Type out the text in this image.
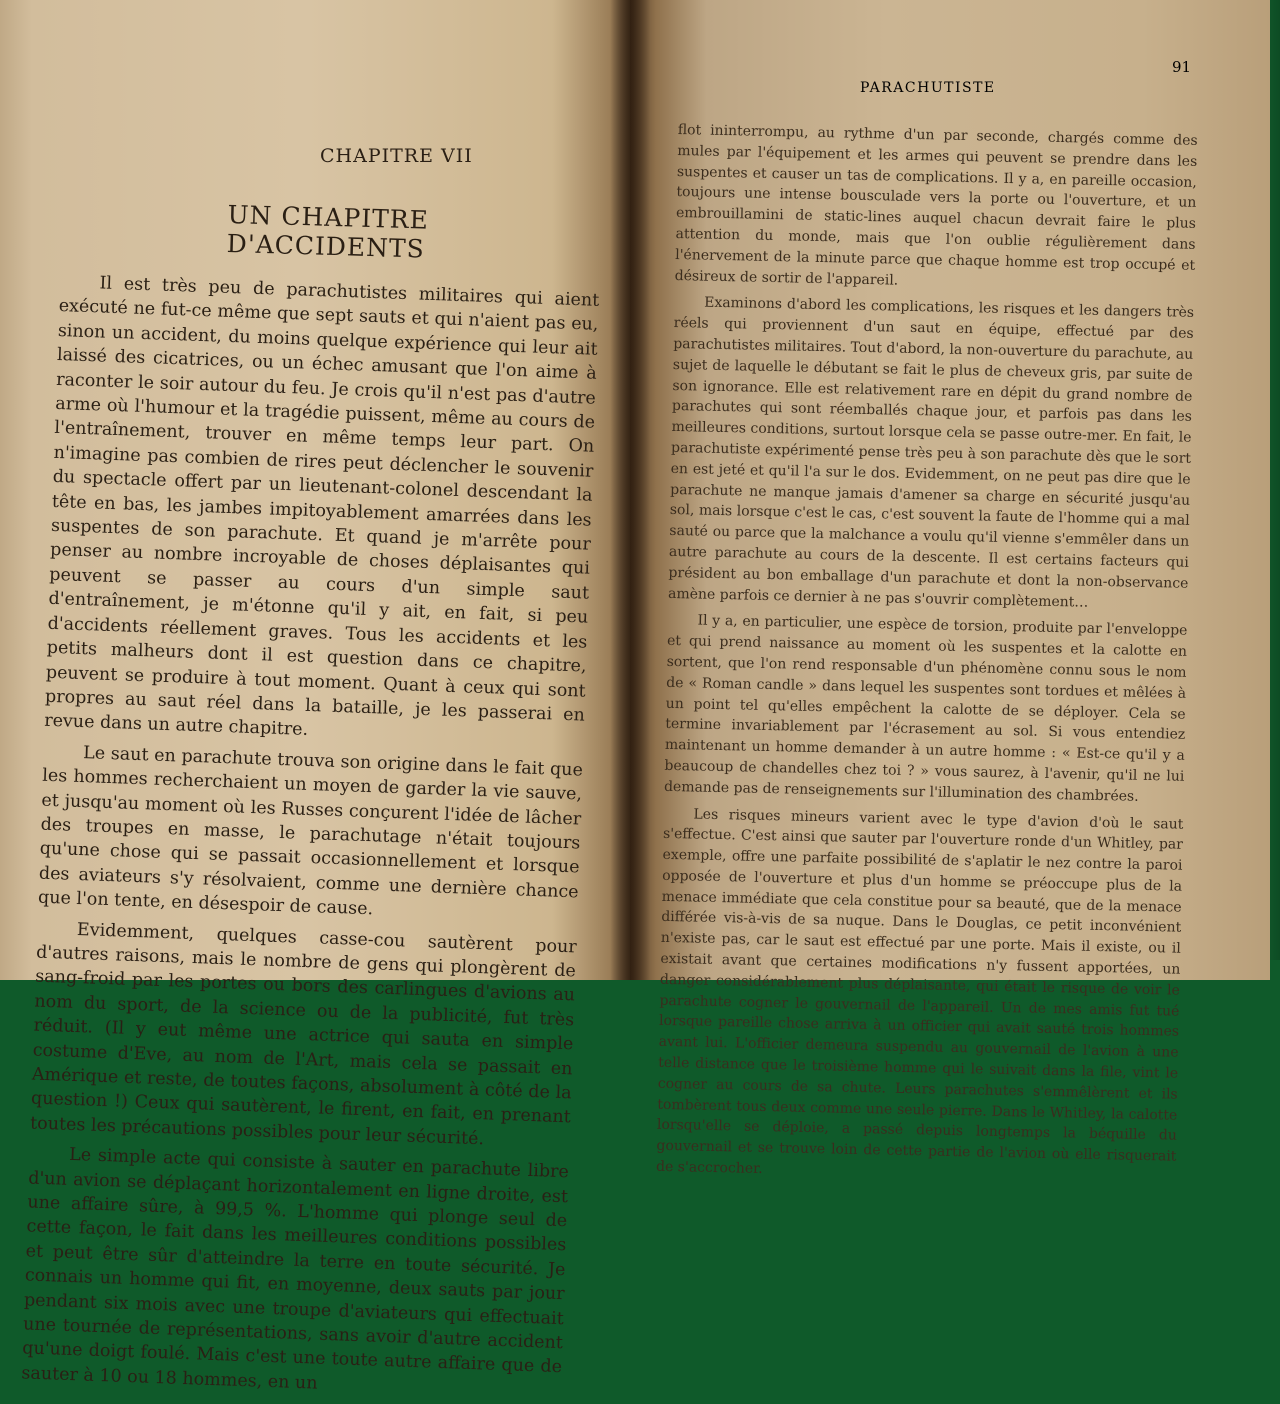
CHAPITRE VII
UN CHAPITRE D'ACCIDENTS

Il est très peu de parachutistes militaires qui aient exécuté ne fut-ce même que sept sauts et qui n'aient pas eu, sinon un accident, du moins quelque expérience qui leur ait laissé des cicatrices, ou un échec amusant que l'on aime à raconter le soir autour du feu. Je crois qu'il n'est pas d'autre arme où l'humour et la tragédie puissent, même au cours de l'entraînement, trouver en même temps leur part. On n'imagine pas combien de rires peut déclencher le souvenir du spectacle offert par un lieutenant-colonel descendant la tête en bas, les jambes impitoyablement amarrées dans les suspentes de son parachute. Et quand je m'arrête pour penser au nombre incroyable de choses déplaisantes qui peuvent se passer au cours d'un simple saut d'entraînement, je m'étonne qu'il y ait, en fait, si peu d'accidents réellement graves. Tous les accidents et les petits malheurs dont il est question dans ce chapitre, peuvent se produire à tout moment. Quant à ceux qui sont propres au saut réel dans la bataille, je les passerai en revue dans un autre chapitre.

Le saut en parachute trouva son origine dans le fait que les hommes recherchaient un moyen de garder la vie sauve, et jusqu'au moment où les Russes conçurent l'idée de lâcher des troupes en masse, le parachutage n'était toujours qu'une chose qui se passait occasionnellement et lorsque des aviateurs s'y résolvaient, comme une dernière chance que l'on tente, en désespoir de cause.

Evidemment, quelques casse-cou sautèrent pour d'autres raisons, mais le nombre de gens qui plongèrent de sang-froid par les portes ou bors des carlingues d'avions au nom du sport, de la science ou de la publicité, fut très réduit. (Il y eut même une actrice qui sauta en simple costume d'Eve, au nom de l'Art, mais cela se passait en Amérique et reste, de toutes façons, absolument à côté de la question !) Ceux qui sautèrent, le firent, en fait, en prenant toutes les précautions possibles pour leur sécurité.

Le simple acte qui consiste à sauter en parachute libre d'un avion se déplaçant horizontalement en ligne droite, est une affaire sûre, à 99,5 %. L'homme qui plonge seul de cette façon, le fait dans les meilleures conditions possibles et peut être sûr d'atteindre la terre en toute sécurité. Je connais un homme qui fit, en moyenne, deux sauts par jour pendant six mois avec une troupe d'aviateurs qui effectuait une tournée de représentations, sans avoir d'autre accident qu'une doigt foulé. Mais c'est une toute autre affaire que de sauter à 10 ou 18 hommes, en un

PARACHUTISTE
91

flot ininterrompu, au rythme d'un par seconde, chargés comme des mules par l'équipement et les armes qui peuvent se prendre dans les suspentes et causer un tas de complications. Il y a, en pareille occasion, toujours une intense bousculade vers la porte ou l'ouverture, et un embrouillamini de static-lines auquel chacun devrait faire le plus attention du monde, mais que l'on oublie régulièrement dans l'énervement de la minute parce que chaque homme est trop occupé et désireux de sortir de l'appareil.

Examinons d'abord les complications, les risques et les dangers très réels qui proviennent d'un saut en équipe, effectué par des parachutistes militaires. Tout d'abord, la non-ouverture du parachute, au sujet de laquelle le débutant se fait le plus de cheveux gris, par suite de son ignorance. Elle est relativement rare en dépit du grand nombre de parachutes qui sont réemballés chaque jour, et parfois pas dans les meilleures conditions, surtout lorsque cela se passe outre-mer. En fait, le parachutiste expérimenté pense très peu à son parachute dès que le sort en est jeté et qu'il l'a sur le dos. Evidemment, on ne peut pas dire que le parachute ne manque jamais d'amener sa charge en sécurité jusqu'au sol, mais lorsque c'est le cas, c'est souvent la faute de l'homme qui a mal sauté ou parce que la malchance a voulu qu'il vienne s'emmêler dans un autre parachute au cours de la descente. Il est certains facteurs qui président au bon emballage d'un parachute et dont la non-observance amène parfois ce dernier à ne pas s'ouvrir complètement…

Il y a, en particulier, une espèce de torsion, produite par l'enveloppe et qui prend naissance au moment où les suspentes et la calotte en sortent, que l'on rend responsable d'un phénomène connu sous le nom de « Roman candle » dans lequel les suspentes sont tordues et mêlées à un point tel qu'elles empêchent la calotte de se déployer. Cela se termine invariablement par l'écrasement au sol. Si vous entendiez maintenant un homme demander à un autre homme : « Est-ce qu'il y a beaucoup de chandelles chez toi ? » vous saurez, à l'avenir, qu'il ne lui demande pas de renseignements sur l'illumination des chambrées.

Les risques mineurs varient avec le type d'avion d'où le saut s'effectue. C'est ainsi que sauter par l'ouverture ronde d'un Whitley, par exemple, offre une parfaite possibilité de s'aplatir le nez contre la paroi opposée de l'ouverture et plus d'un homme se préoccupe plus de la menace immédiate que cela constitue pour sa beauté, que de la menace différée vis-à-vis de sa nuque. Dans le Douglas, ce petit inconvénient n'existe pas, car le saut est effectué par une porte. Mais il existe, ou il existait avant que certaines modifications n'y fussent apportées, un danger considérablement plus déplaisante, qui était le risque de voir le parachute cogner le gouvernail de l'appareil. Un de mes amis fut tué lorsque pareille chose arriva à un officier qui avait sauté trois hommes avant lui. L'officier demeura suspendu au gouvernail de l'avion à une telle distance que le troisième homme qui le suivait dans la file, vint le cogner au cours de sa chute. Leurs parachutes s'emmêlèrent et ils tombèrent tous deux comme une seule pierre. Dans le Whitley, la calotte lorsqu'elle se déploie, a passé depuis longtemps la béquille du gouvernail et se trouve loin de cette partie de l'avion où elle risquerait de s'accrocher.
